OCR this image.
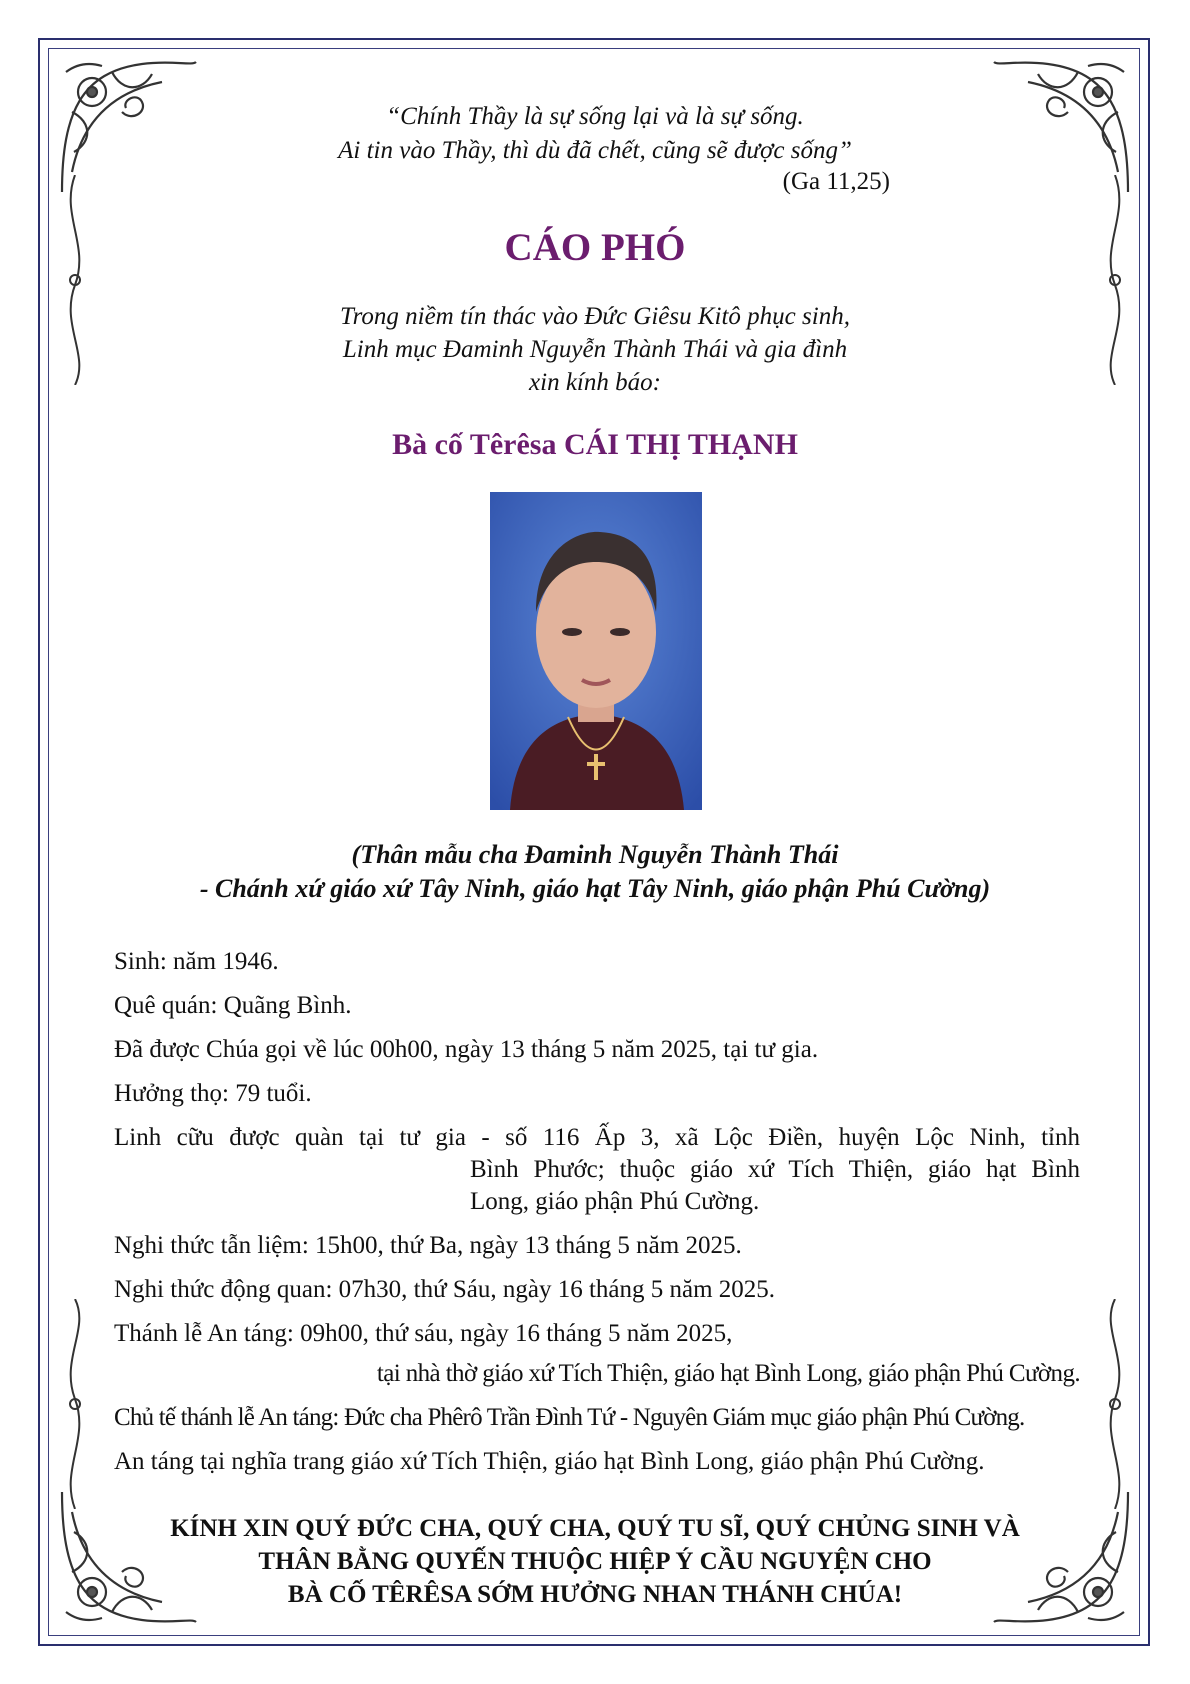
“Chính Thầy là sự sống lại và là sự sống.
Ai tin vào Thầy, thì dù đã chết, cũng sẽ được sống”
(Ga 11,25)
CÁO PHÓ
Trong niềm tín thác vào Đức Giêsu Kitô phục sinh,
Linh mục Đaminh Nguyễn Thành Thái và gia đình
xin kính báo:
Bà cố Têrêsa CÁI THỊ THẠNH
(Thân mẫu cha Đaminh Nguyễn Thành Thái
- Chánh xứ giáo xứ Tây Ninh, giáo hạt Tây Ninh, giáo phận Phú Cường)
Sinh: năm 1946.
Quê quán: Quãng Bình.
Đã được Chúa gọi về lúc 00h00, ngày 13 tháng 5 năm 2025, tại tư gia.
Hưởng thọ: 79 tuổi.
Linh cữu được quàn tại tư gia - số 116 Ấp 3, xã Lộc Điền, huyện Lộc Ninh, tỉnh
Bình Phước; thuộc giáo xứ Tích Thiện, giáo hạt Bình
Long, giáo phận Phú Cường.
Nghi thức tẫn liệm: 15h00, thứ Ba, ngày 13 tháng 5 năm 2025.
Nghi thức động quan: 07h30, thứ Sáu, ngày 16 tháng 5 năm 2025.
Thánh lễ An táng: 09h00, thứ sáu, ngày 16 tháng 5 năm 2025,
tại nhà thờ giáo xứ Tích Thiện, giáo hạt Bình Long, giáo phận Phú Cường.
Chủ tế thánh lễ An táng: Đức cha Phêrô Trần Đình Tứ - Nguyên Giám mục giáo phận Phú Cường.
An táng tại nghĩa trang giáo xứ Tích Thiện, giáo hạt Bình Long, giáo phận Phú Cường.
KÍNH XIN QUÝ ĐỨC CHA, QUÝ CHA, QUÝ TU SĨ, QUÝ CHỦNG SINH VÀ
THÂN BẰNG QUYẾN THUỘC HIỆP Ý CẦU NGUYỆN CHO
BÀ CỐ TÊRÊSA SỚM HƯỞNG NHAN THÁNH CHÚA!
